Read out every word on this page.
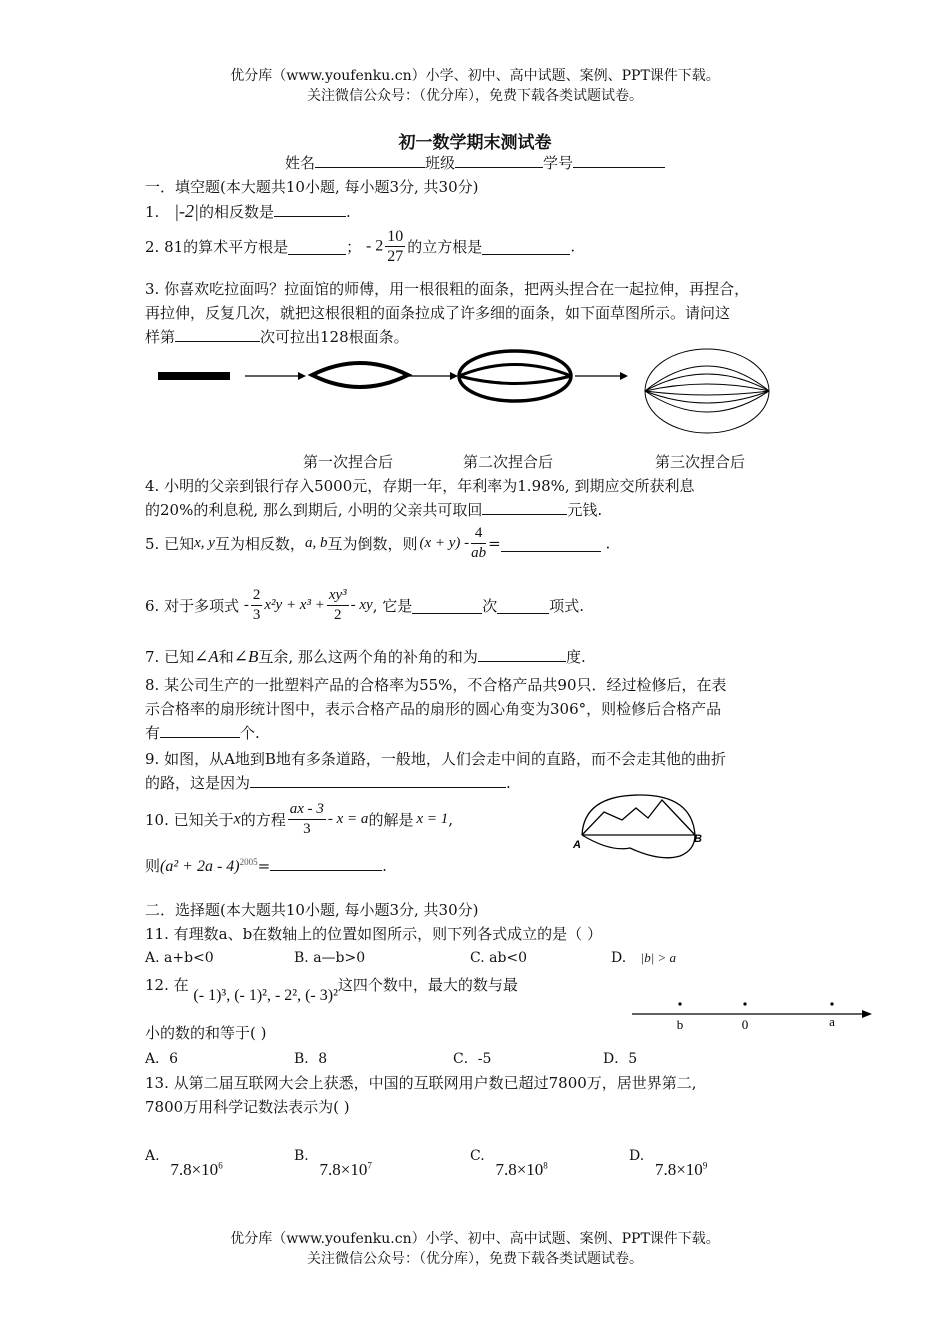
优分库（www.youfenku.cn）小学、初中、高中试题、案例、PPT课件下载。
关注微信公众号：（优分库），免费下载各类试题试卷。
初一数学期末测试卷
姓名	班级	学号
一．填空题(本大题共10小题, 每小题3分, 共30分)
1. |-2|的相反数是	.
2. 81的算术平方根是	； - $2 \frac{10}{27}$ 的立方根是	.
3. 你喜欢吃拉面吗？拉面馆的师傅，用一根很粗的面条，把两头捏合在一起拉伸，再捏合，
再拉伸，反复几次，就把这根很粗的面条拉成了许多细的面条，如下面草图所示。请问这
样第	次可拉出128根面条。
第一次捏合后	第二次捏合后	第三次捏合后
4. 小明的父亲到银行存入5000元，存期一年，年利率为1.98%, 到期应交所获利息
的20%的利息税, 那么到期后, 小明的父亲共可取回	元钱.
5. 已知x, y互为相反数，a, b互为倒数，则 $(x + y) - \frac{4}{ab}$ =	.
6. 对于多项式 - $\frac{2}{3} x^2y + x^3 + \frac{\text{xy³}}{2}$ - xy, 它是	次	项式.
7. 已知∠A和∠B互余, 那么这两个角的补角的和为	度.
8. 某公司生产的一批塑料产品的合格率为55%，不合格产品共90只．经过检修后，在表
示合格率的扇形统计图中，表示合格产品的扇形的圆心角变为306°，则检修后合格产品
有	个.
9. 如图，从A地到B地有多条道路，一般地，人们会走中间的直路，而不会走其他的曲折
的路，这是因为	.
A	B
10. 已知关于x的方程 $\frac{ax - 3}{3} - x = a$的解是 x = 1,
则$(a^2 + 2a - 4)^{2005}=$	.
二．选择题(本大题共10小题, 每小题3分, 共30分)
11. 有理数a、b在数轴上的位置如图所示，则下列各式成立的是（ ）
A. a+b<0	B. a—b>0	C. ab<0	D. |b| > a
12. 在 (- 1)³, (- 1)², - 2², (- 3)²这四个数中，最大的数与最
小的数的和等于( )
A．6	B．8	C．-5	D．5
b	0	a
13. 从第二届互联网大会上获悉，中国的互联网用户数已超过7800万，居世界第二,
7800万用科学记数法表示为( )
A. $7.8\times 10^6$
B. $7.8\times 10^7$
C. $7.8\times 10^8$
D. $7.8\times 10^9$
优分库（www.youfenku.cn）小学、初中、高中试题、案例、PPT课件下载。
关注微信公众号：（优分库），免费下载各类试题试卷。
